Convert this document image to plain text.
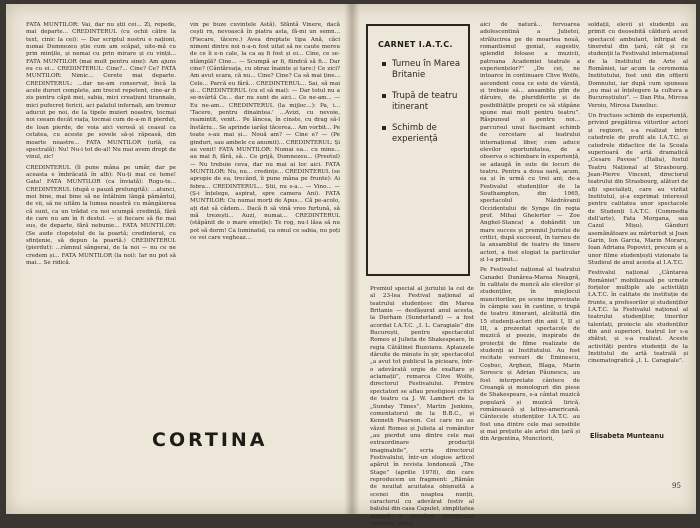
FATA MUNTILOR: Vai, dar nu știi cei... Zi, repede, mai departe... CREDINTERUL (cu ochii către la text, cinic la cei): — Dar scriptul nostru e naționi, numai Dumnezeu știe cum am scăpat, uite-mă cu prin mințile, și nemai cu prin mirare și cu vinții... FATA MUNTILOR (mai mult pentru sine): Am ajuns eu cu ei... CREDINTERUL: Cine?... Cine? Ce? FATA MUNTILOR: Nimic... Cerete mai departe. CREDINTERUL: ...dar ne-am conservat, încă la acele durori complete, am trecut repetent, cine-ar fi zis pentru căpii mei, sabia, mici creațiuni tirannale, mici pufecreț fericii, aci palatul infernali, am tremur aducut pe noi, de la tipele muieri noastre, tocmai noi ceeam decât viața, tocmai cum de-a-m fi pierdut, de loan pierde, de voia aici verosă și ceasul ca cetatea, cu aceste pe sovele să-și răpeasă, din moarte noastre... FATA MUNTILOR (urlă, ca spectrală): Nu! Nu-i tot de-al! Nu mai avem drept de vinul, zic!

CREDINTERUL (îl pune mâna pe umăr, dar pe aceasta e îmbrăcată în alb): Nu-ți mai ce teme! Gata! FATA MUNTILOR (ca înviată): Rogu-te... CREDINTERUL (după o pauză prelungită): ...atunci, moi bine, mai bine să ne întâlnim lângă pământul, de vii, să ne uităm la lumea noastră cu mângâierea că sunt, ca un trădat cu noi scumpă credință, fără de care nu am în fi destul. — și fiecare să fie mai sus, de departe, fără nebunie... FATA MUNTILOR: (Se aude clopoțelul de la poartă; credinterul, cu sfințenie, să depun la poartă.) CREDINTERUL (pierdut): ...râmnul sângerai, de la noi — nu ce ne credem și... FATA MUNTILOR (la noi): Iar nu pot să mai... Se ridică.

vin pe buze cuvintele Astă). Sfântă Vinere, dacă cești rn, nevoască în piatra asta, fă-mi un semn... (Fiecare, tăcere.) Avea dreptate tipa Ană, căci nimeni dintre noi n-a-n fost uitat să ne caute mereu de ce îi e-n cale, la ca aș fi fost și ei... Cine, ce se-ntâmplă? Cine... — Scumpă ar fi, fiindcă să fi... Dar cine? (Cântăreața, cu obraz înainte și tare:) Ce zici? Am avut scara, că nu... Cine? Cine? Ca să mai ține... Cele... Parcă eu fără... CREDINTERUL... Sai, să mai și... CREDINTERUL (cu el să mai): — Dar totul nu a se-nvârtă Ce... dar nu sunt de aici... Ce ne-am... — Eu ne-am... CREDINTERUL (la mijloc...): Pa, i... 'Tacere, pentru dinaintea.' ...Avizi, cu nevoie, reamintit, venit... Pe lâncea, în cinste, cu drag să-l înstăriu... Se aprinde iarăși tăcerea... Am vorbit... Pe toate s-au mai și... Nouă am? — Cine e? — (Pe ginduri, sau ambele cu anumit)... CREDINTERUL: Și au venit! FATA MUNTILOR: Numai ea... cu mine... au mai fi, fără, să... Ce grijă, Dumnezeu... (Preotul) — Nu trebuie ceva, dar nu mai ai loc aici. FATA MUNTILOR: Nu, nu... credințe... CREDINTERUL (se apropie de ea, trecând, îi pune mâna pe frunte): Ai febra... CREDINTERUL... Știi, nu s-a... — Vino... — (Ș-i înțelege, aspirat, spre camera Ani). FATA MUNTILOR: Cu numai morți de Apus... Că pe-acolo, ați dat să cădem... Dacă fi să vină vreo furtună, să mă trezești... Auzi, numai... CREDINTERUL (stăpânit de o mare emoție): Te rog, nu-l lăsa să nu pot să dorm! Ca luminatul, ca omul ce sabia, nu poți ce vei care vegheaz...

CORTINA
CARNET I.A.T.C.
Turneu în Marea Britanie
Trupă de teatru itinerant
Schimb de experiență

Premiul special al juriului la cel de al 23-lea Festival național al teatrului studențesc din Marea Britanie — desfășurat anul acesta, la Durham (Sunderland) — a fost acordat I.A.T.C. „I. L. Caragiale” din București, pentru spectacolul Romeo și Julieta de Shakespeare, în regia Cătălinei Buzoianu. Aplauzele dăruite de minute în șir, spectacolul „a avut tot publicul la picioare, într-o adevărată orgie de exaltare și aclamații”, remarca Clive Wolfe, directorul Festivalului. Printre spectatori se aflau prestigioși critici de teatru ca J. W. Lambert de la „Sunday Times”, Martin Jenkins, comentatorul de la B.B.C., și Kenneth Pearson. Cei care nu au văzut Romeo și Julieta al românilor „au pierdut unu dintre cele mai extraordinare producții imaginabile”, scria directorul Festivalului, într-un elogios articol apărut în revista londoneză „The Stage” (aprilie 1978), din care reproducem un fragment: „Rămân de neuitat acuitatea obișnuită a scenei din noaptea nunții, caracterul cu adevărat festiv al balului din casa Capulet, simplitatea magică a evocării interiorului cavoului, darul

aici de natură... fervoarea adolescentină a Julietei, strălucirea pe de moartea nouă, romantismul genial, sugestiv, splendid foloase a muzicii, patroana Academiei teatrale a experiențelor?” „De cei, ne intoarce în continuare Clive Wolfe, ascendent ceea ce este de vârstă, și trebuie să... ansamblu plin de dăruire, de pluridiferite și de posibilitățile proprii ce să stăpâne spune mai mult pentru teatru”. Răspunsul și pentru noi... parcursul unui fascinant schimb de cercetare al teatrului internațional liber, cum aduce elevilor oportunitatea, de a observa o schimbare în experiență, se adaugă în sute de locuri de teatru. Pentru a doua oară, acum, ea și în urmă cu trei ani, de-a Festivalul studenților de la Southampton, din 1965, spectacolul Năzdrăvanii Occidentului de Synge (în regia prof. Mihai Ghelerter — Zoe Anghel-Stanca) a dobândit un mare succes și premiul Juriului de critici, după succesul, în turneu de la ansamblul de teatru de tinere actori, a fost elogiat la particular și l-a primit...

Pe Festivalul național al teatrului Canadei Dunărea-Marea Neagră, în calitate de muncă ale elevilor și studenților, în miejlocul muncitorilor, pe scene improvizate în câmpie sau în cantine, o trupă de teatru itinerant, alcătuită din 15 studenți-actori din anii I, II și III, a prezentat spectacole de muzică și poezie, inspirate de proiecții de filme realizate de studenți ai Institutului. Au fost recitate versuri de Eminescu, Coșbuc, Arghezi, Blaga, Marin Sorescu și Adrian Păunescu, au fost interpretate cântece de Creangă și monologuri din piese de Shakespeare, s-a cântat muzică populară și muzică lirică, românească și latino-americană. Cântecele studenților I.A.T.C. au fost una dintre cele mai sensibile și mai prețuite ale artei din țară și din Argentina, Muncitorii,

soldații, elevii și studenții au primit cu deosebită căldură acest spectacol ambulant, înfiripat de tineretul din țară, cât și cu studenții la Festivalul internațional de la Institutul de Arte al României, iar acum la ceremonia Institutului, fost unii din ofițerii Domnului, iar după cum spuneau „nu mai ai înțelegere la cultura a Bucureștiului”. — Dan Pita, Mircea Veroiu, Mircea Daneliuc.

Un fructuos schimb de experiență, privind pregătirea viitorilor actori și regizori, s-a realizat între catedrele de profil ale I.A.T.C. și catedrele didactice de la Școala superioară de artă dramatică „Cesare Pavese” (Italia), fostul Teatru Național al Strasbourg. Jean-Pierre Vincent, directorul teatrului din Strasbourg, alături de alți specialiști, care au vizitat Institutul, și-a exprimat interesul pentru calitatea unor spectacole de Studenți I.A.T.C. (Commedia dell'arte), Fata Morgana, sau Cazul Mișu). Gânduri asemănătoare au mărturisit și Joan Garin, Ion Garcia, Marin Moraru, Ioan Adriana Popovici, precum și a unor filme studențești vizionate la Studioul de anul acesta al I.A.T.C.

Festivalul național „Cântarea României” mobilizează pe urmele forțelor multiple ale activității I.A.T.C. în calitate de instituție de frunte, a profesorilor și studenților I.A.T.C. la Festivalul național al teatrului studenților, tinerilor talentați, proiecte ale studenților din anii superiori, teatrul lor s-a zbătut, și s-a realizat. Aceste activități pentru studenții de la Institutul de artă teatrală și cinematografică „I. L. Caragiale”.

Elisabeta Munteanu
95
